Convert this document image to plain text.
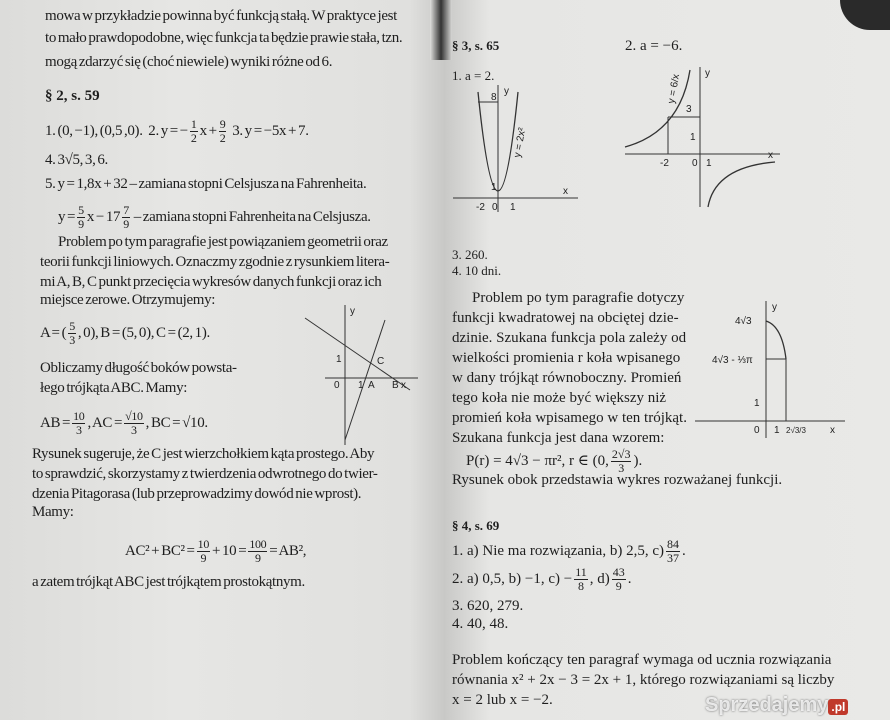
mowa w przykładzie powinna być funkcją stałą. W praktyce jest
to mało prawdopodobne, więc funkcja ta będzie prawie stała, tzn.
mogą zdarzyć się (choć niewiele) wyniki różne od 6.
§ 2, s. 59
1. (0, −1), (0,5 ,0). 2. y = − $\frac{1}{2}$ $x + \frac{9}{2} 3$. y = −5x + 7.
4. 3√5, 3, 6.
5. y = 1,8x + 32 – zamiana stopni Celsjusza na Fahrenheita.
$y = \frac{5}{9}$ $x - 17 \frac{7}{9}$ – zamiana stopni Fahrenheita na Celsjusza.
Problem po tym paragrafie jest powiązaniem geometrii oraz
teorii funkcji liniowych. Oznaczmy zgodnie z rysunkiem litera-
mi A, B, C punkt przecięcia wykresów danych funkcji oraz ich
miejsce zerowe. Otrzymujemy:
A = ( $\frac{5}{3}$ , 0), B = (5, 0), C = (2, 1).
Obliczamy długość boków powsta-
łego trójkąta ABC. Mamy:
AB = $\frac{10}{3}$ , AC = $\frac{√10}{3}$ , BC = √10.
y
0 1
1
A B
C
x
Rysunek sugeruje, że C jest wierzchołkiem kąta prostego. Aby
to sprawdzić, skorzystamy z twierdzenia odwrotnego do twier-
dzenia Pitagorasa (lub przeprowadzimy dowód nie wprost).
Mamy:
$AC^2 + BC^2 = \frac{10}{9} + 10 = \frac{100}{9} = AB^2$,
a zatem trójkąt ABC jest trójkątem prostokątnym.
§ 3, s. 65
1. a = 2.
2. a = −6.
8
y
y = 2x²
1
-2 0 1
x
3
1
y = 6/x y
-2 0 1
x
3. 260.
4. 10 dni.
Problem po tym paragrafie dotyczy
funkcji kwadratowej na obciętej dzie-
dzinie. Szukana funkcja pola zależy od
wielkości promienia r koła wpisanego
w dany trójkąt równoboczny. Promień
tego koła nie może być większy niż
promień koła wpisamego w ten trójkąt.
Szukana funkcja jest dana wzorem:
P(r) = 4√3 − πr², r ∈ (0, $\frac{2√3}{3}$ ).
Rysunek obok przedstawia wykres rozważanej funkcji.
4√3
4√3 - ⅓π
1
0 1 2√3/3
y
x
§ 4, s. 69
1. a) Nie ma rozwiązania, b) 2,5, $c) \frac{84}{37}$ .
2. a) 0,5, b) −1, $c) - \frac{11}{8}$ , $d) \frac{43}{9}$ .
3. 620, 279.
4. 40, 48.
Problem kończący ten paragraf wymaga od ucznia rozwiązania
równania x² + 2x − 3 = 2x + 1, którego rozwiązaniami są liczby
x = 2 lub x = −2.	Sprzedajemy .pl
